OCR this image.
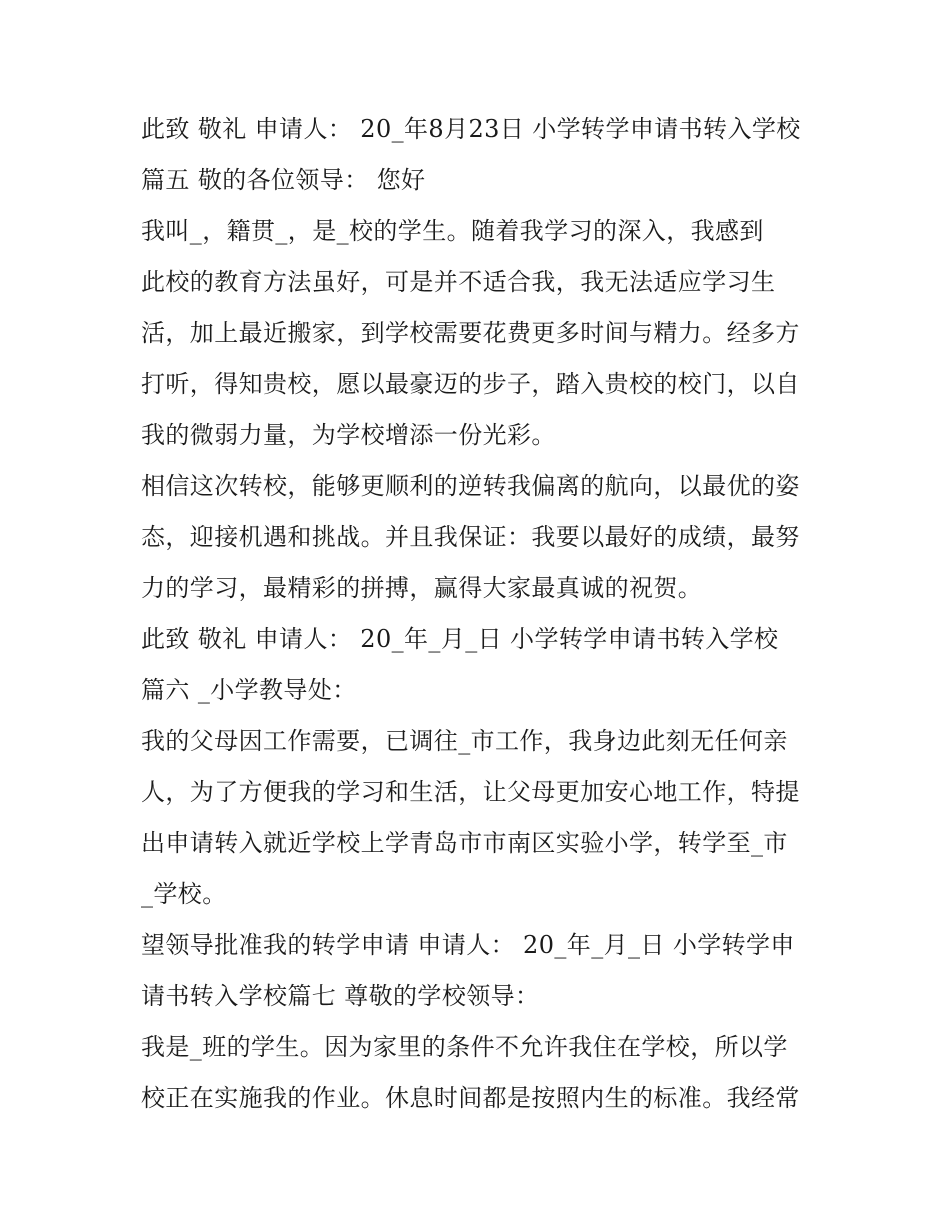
此致 敬礼 申请人： 20_年8月23日 小学转学申请书转入学校
篇五 敬的各位领导： 您好
我叫_，籍贯_，是_校的学生。随着我学习的深入，我感到
此校的教育方法虽好，可是并不适合我，我无法适应学习生
活，加上最近搬家，到学校需要花费更多时间与精力。经多方
打听，得知贵校，愿以最豪迈的步子，踏入贵校的校门，以自
我的微弱力量，为学校增添一份光彩。
相信这次转校，能够更顺利的逆转我偏离的航向，以最优的姿
态，迎接机遇和挑战。并且我保证：我要以最好的成绩，最努
力的学习，最精彩的拼搏，赢得大家最真诚的祝贺。
此致 敬礼 申请人： 20_年_月_日 小学转学申请书转入学校
篇六 _小学教导处：
我的父母因工作需要，已调往_市工作，我身边此刻无任何亲
人，为了方便我的学习和生活，让父母更加安心地工作，特提
出申请转入就近学校上学青岛市市南区实验小学，转学至_市
_学校。
望领导批准我的转学申请 申请人： 20_年_月_日 小学转学申
请书转入学校篇七 尊敬的学校领导：
我是_班的学生。因为家里的条件不允许我住在学校，所以学
校正在实施我的作业。休息时间都是按照内生的标准。我经常
